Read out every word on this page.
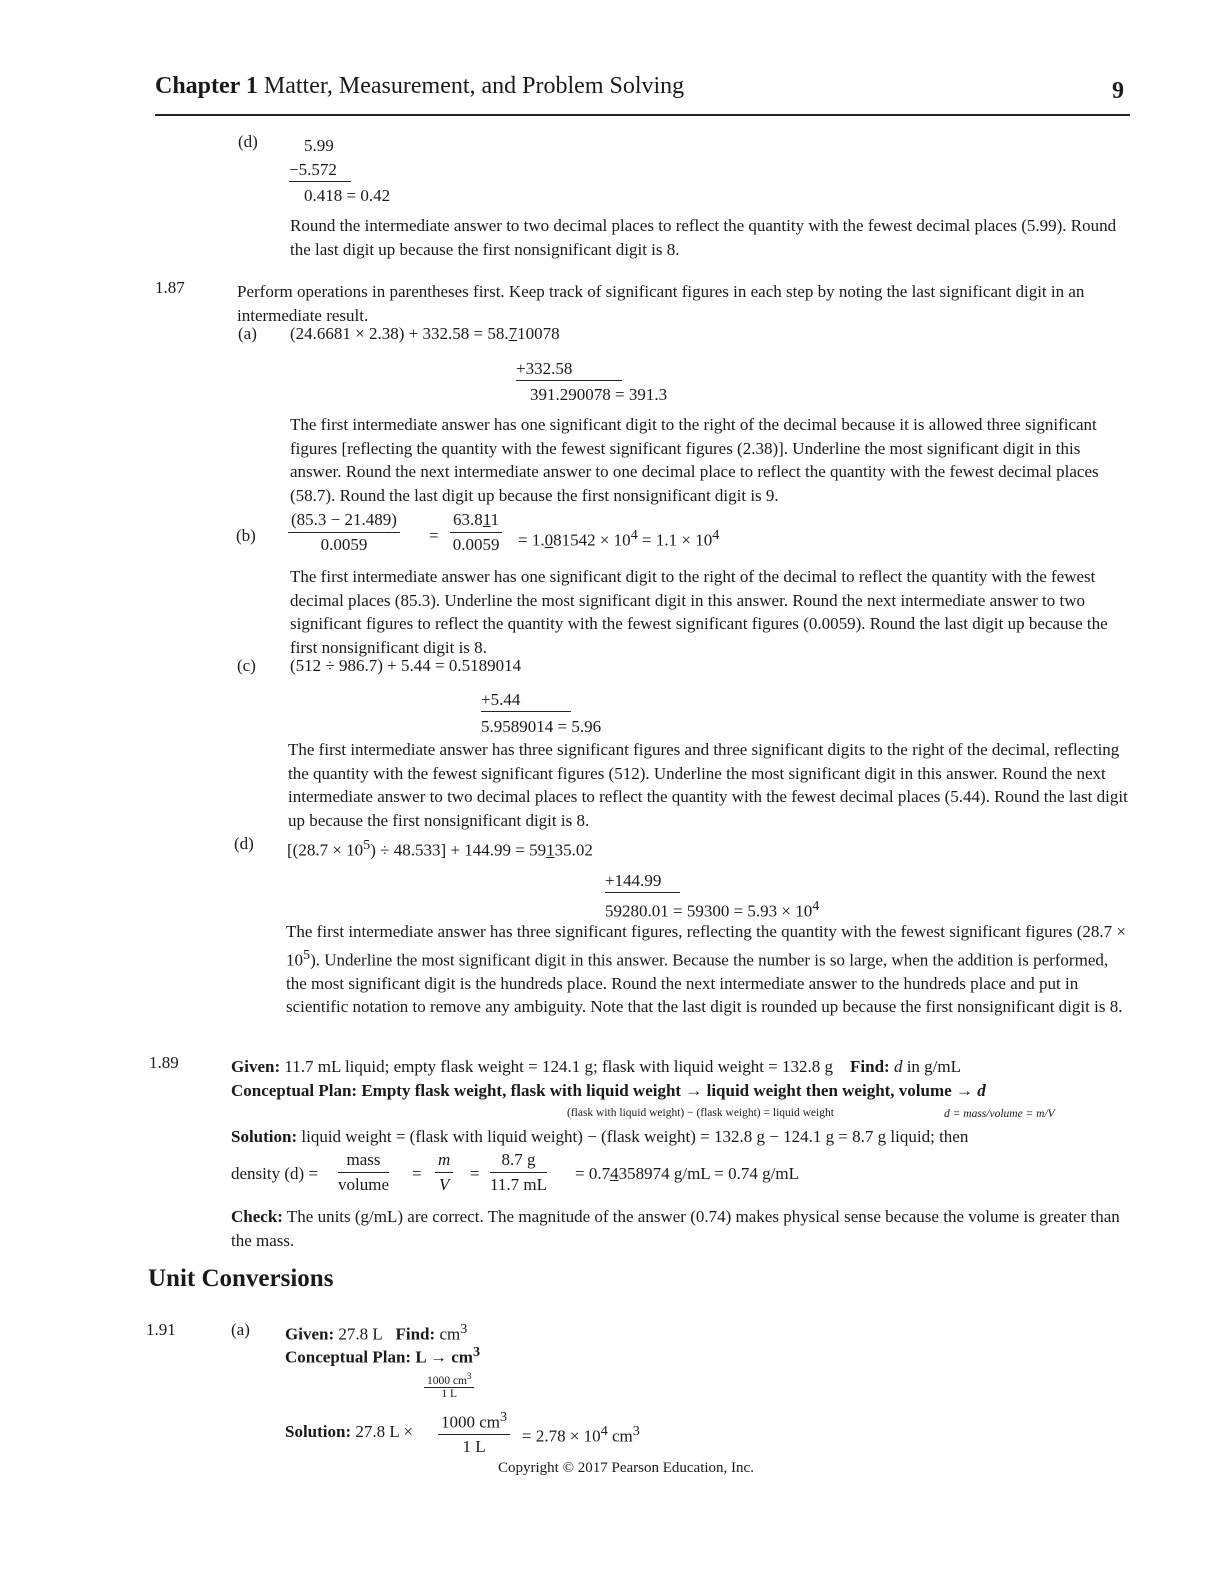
Chapter 1 Matter, Measurement, and Problem Solving	9
(d)	5.99
−5.572
0.418 = 0.42
Round the intermediate answer to two decimal places to reflect the quantity with the fewest decimal places (5.99). Round the last digit up because the first nonsignificant digit is 8.
1.87	Perform operations in parentheses first. Keep track of significant figures in each step by noting the last significant digit in an intermediate result.
(a) (24.6681 × 2.38) + 332.58 = 58.710078
+332.58
391.290078 = 391.3
The first intermediate answer has one significant digit to the right of the decimal because it is allowed three significant figures [reflecting the quantity with the fewest significant figures (2.38)]. Underline the most significant digit in this answer. Round the next intermediate answer to one decimal place to reflect the quantity with the fewest decimal places (58.7). Round the last digit up because the first nonsignificant digit is 9.
$(b) \frac{(85.3 - 21.489)}{0.0059} = \frac{63.811}{0.0059} = 1.081542 \times 10^4 = 1.1 \times 10^4$
The first intermediate answer has one significant digit to the right of the decimal to reflect the quantity with the fewest decimal places (85.3). Underline the most significant digit in this answer. Round the next intermediate answer to two significant figures to reflect the quantity with the fewest significant figures (0.0059). Round the last digit up because the first nonsignificant digit is 8.
(c) (512 ÷ 986.7) + 5.44 = 0.5189014
+5.44
5.9589014 = 5.96
The first intermediate answer has three significant figures and three significant digits to the right of the decimal, reflecting the quantity with the fewest significant figures (512). Underline the most significant digit in this answer. Round the next intermediate answer to two decimal places to reflect the quantity with the fewest decimal places (5.44). Round the last digit up because the first nonsignificant digit is 8.
(d) $[(28.7 \times 10^5) \div 48.533] + 144.99 = 59135.02$
+144.99
$59280.01 = 59300 = 5.93 \times 10^4$
The first intermediate answer has three significant figures, reflecting the quantity with the fewest significant figures $(28.7 \times 10^5)$. Underline the most significant digit in this answer. Because the number is so large, when the addition is performed, the most significant digit is the hundreds place. Round the next intermediate answer to the hundreds place and put in scientific notation to remove any ambiguity. Note that the last digit is rounded up because the first nonsignificant digit is 8.
1.89	Given: 11.7 mL liquid; empty flask weight = 124.1 g; flask with liquid weight = 132.8 g Find: d in g/mL
Conceptual Plan: Empty flask weight, flask with liquid weight → liquid weight then weight, volume → d
(flask with liquid weight) − (flask weight) = liquid weight	d = mass/volume = m/V
Solution: liquid weight = (flask with liquid weight) − (flask weight) = 132.8 g − 124.1 g = 8.7 g liquid; then
density (d) =
mass
volume
= $\frac{m}{V} = \frac{8.7 g}{11.7 mL} = 0.74358974$ g/mL = 0.74 g/mL
Check: The units (g/mL) are correct. The magnitude of the answer (0.74) makes physical sense because the volume is greater than the mass.
Unit Conversions
1.91	(a) Given: 27.8 L Find: $cm^3$
Conceptual Plan: $L \to cm^3$
$\frac{1000 cm^3}{1 L}$
Solution: 27.8 $L \times \frac{1000 cm^3}{1 L} = 2.78 \times 10^4$ $cm^3$
Copyright © 2017 Pearson Education, Inc.
